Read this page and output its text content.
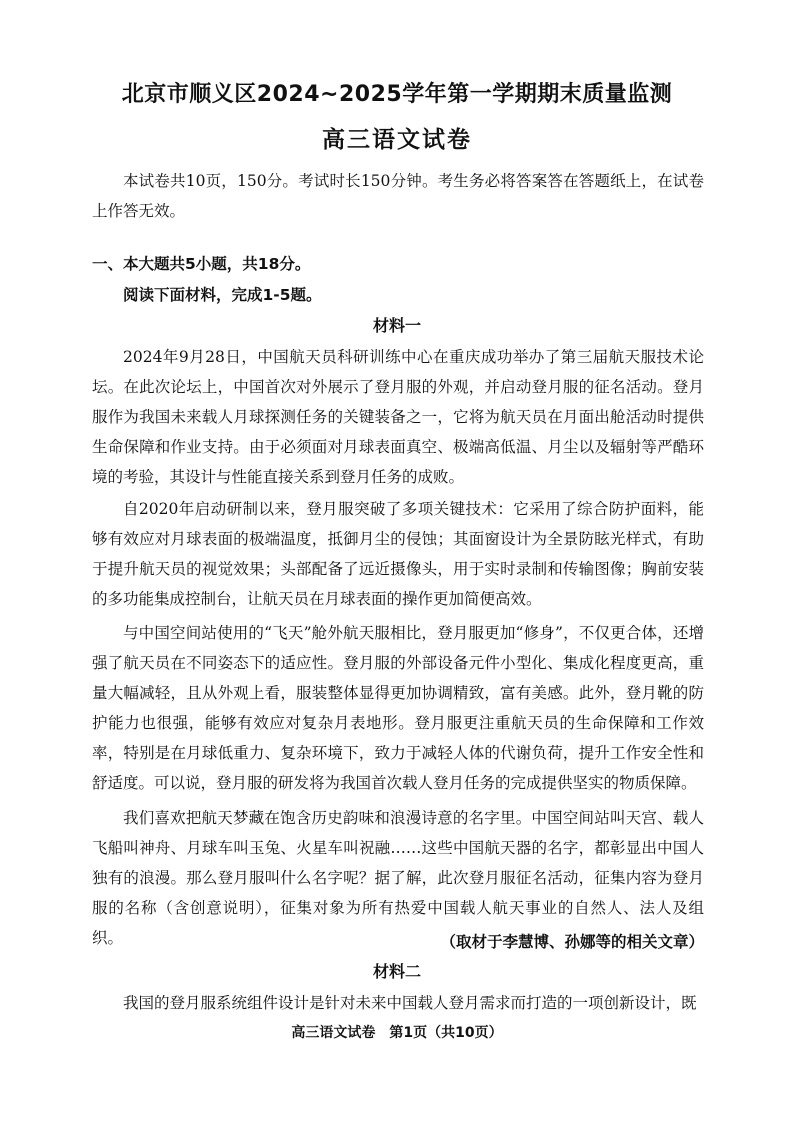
北京市顺义区2024~2025学年第一学期期末质量监测
高三语文试卷
本试卷共10页，150分。考试时长150分钟。考生务必将答案答在答题纸上，在试卷上作答无效。
一、本大题共5小题，共18分。
阅读下面材料，完成1-5题。
材料一
2024年9月28日，中国航天员科研训练中心在重庆成功举办了第三届航天服技术论坛。在此次论坛上，中国首次对外展示了登月服的外观，并启动登月服的征名活动。登月服作为我国未来载人月球探测任务的关键装备之一，它将为航天员在月面出舱活动时提供生命保障和作业支持。由于必须面对月球表面真空、极端高低温、月尘以及辐射等严酷环境的考验，其设计与性能直接关系到登月任务的成败。
自2020年启动研制以来，登月服突破了多项关键技术：它采用了综合防护面料，能够有效应对月球表面的极端温度，抵御月尘的侵蚀；其面窗设计为全景防眩光样式，有助于提升航天员的视觉效果；头部配备了远近摄像头，用于实时录制和传输图像；胸前安装的多功能集成控制台，让航天员在月球表面的操作更加简便高效。
与中国空间站使用的“飞天”舱外航天服相比，登月服更加“修身”，不仅更合体，还增强了航天员在不同姿态下的适应性。登月服的外部设备元件小型化、集成化程度更高，重量大幅减轻，且从外观上看，服装整体显得更加协调精致，富有美感。此外，登月靴的防护能力也很强，能够有效应对复杂月表地形。登月服更注重航天员的生命保障和工作效率，特别是在月球低重力、复杂环境下，致力于减轻人体的代谢负荷，提升工作安全性和舒适度。可以说，登月服的研发将为我国首次载人登月任务的完成提供坚实的物质保障。
我们喜欢把航天梦藏在饱含历史韵味和浪漫诗意的名字里。中国空间站叫天宫、载人飞船叫神舟、月球车叫玉兔、火星车叫祝融……这些中国航天器的名字，都彰显出中国人独有的浪漫。那么登月服叫什么名字呢？据了解，此次登月服征名活动，征集内容为登月服的名称（含创意说明），征集对象为所有热爱中国载人航天事业的自然人、法人及组织。	（取材于李慧博、孙娜等的相关文章）
材料二
我国的登月服系统组件设计是针对未来中国载人登月需求而打造的一项创新设计，既
高三语文试卷　第1页（共10页）
